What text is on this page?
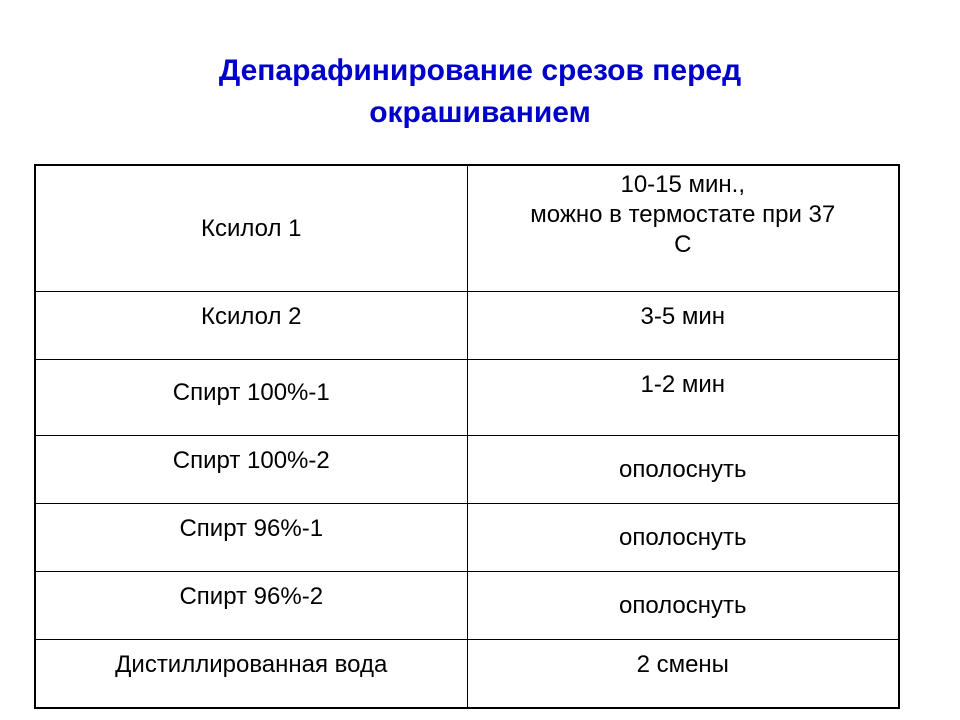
Депарафинирование срезов перед
окрашиванием
Ксилол 1	10-15 мин.,
можно в термостате при 37
С

Ксилол 2	3-5 мин
Спирт 100%-1	1-2 мин
Спирт 100%-2	ополоснуть
Спирт 96%-1	ополоснуть
Спирт 96%-2	ополоснуть
Дистиллированная вода	2 смены
